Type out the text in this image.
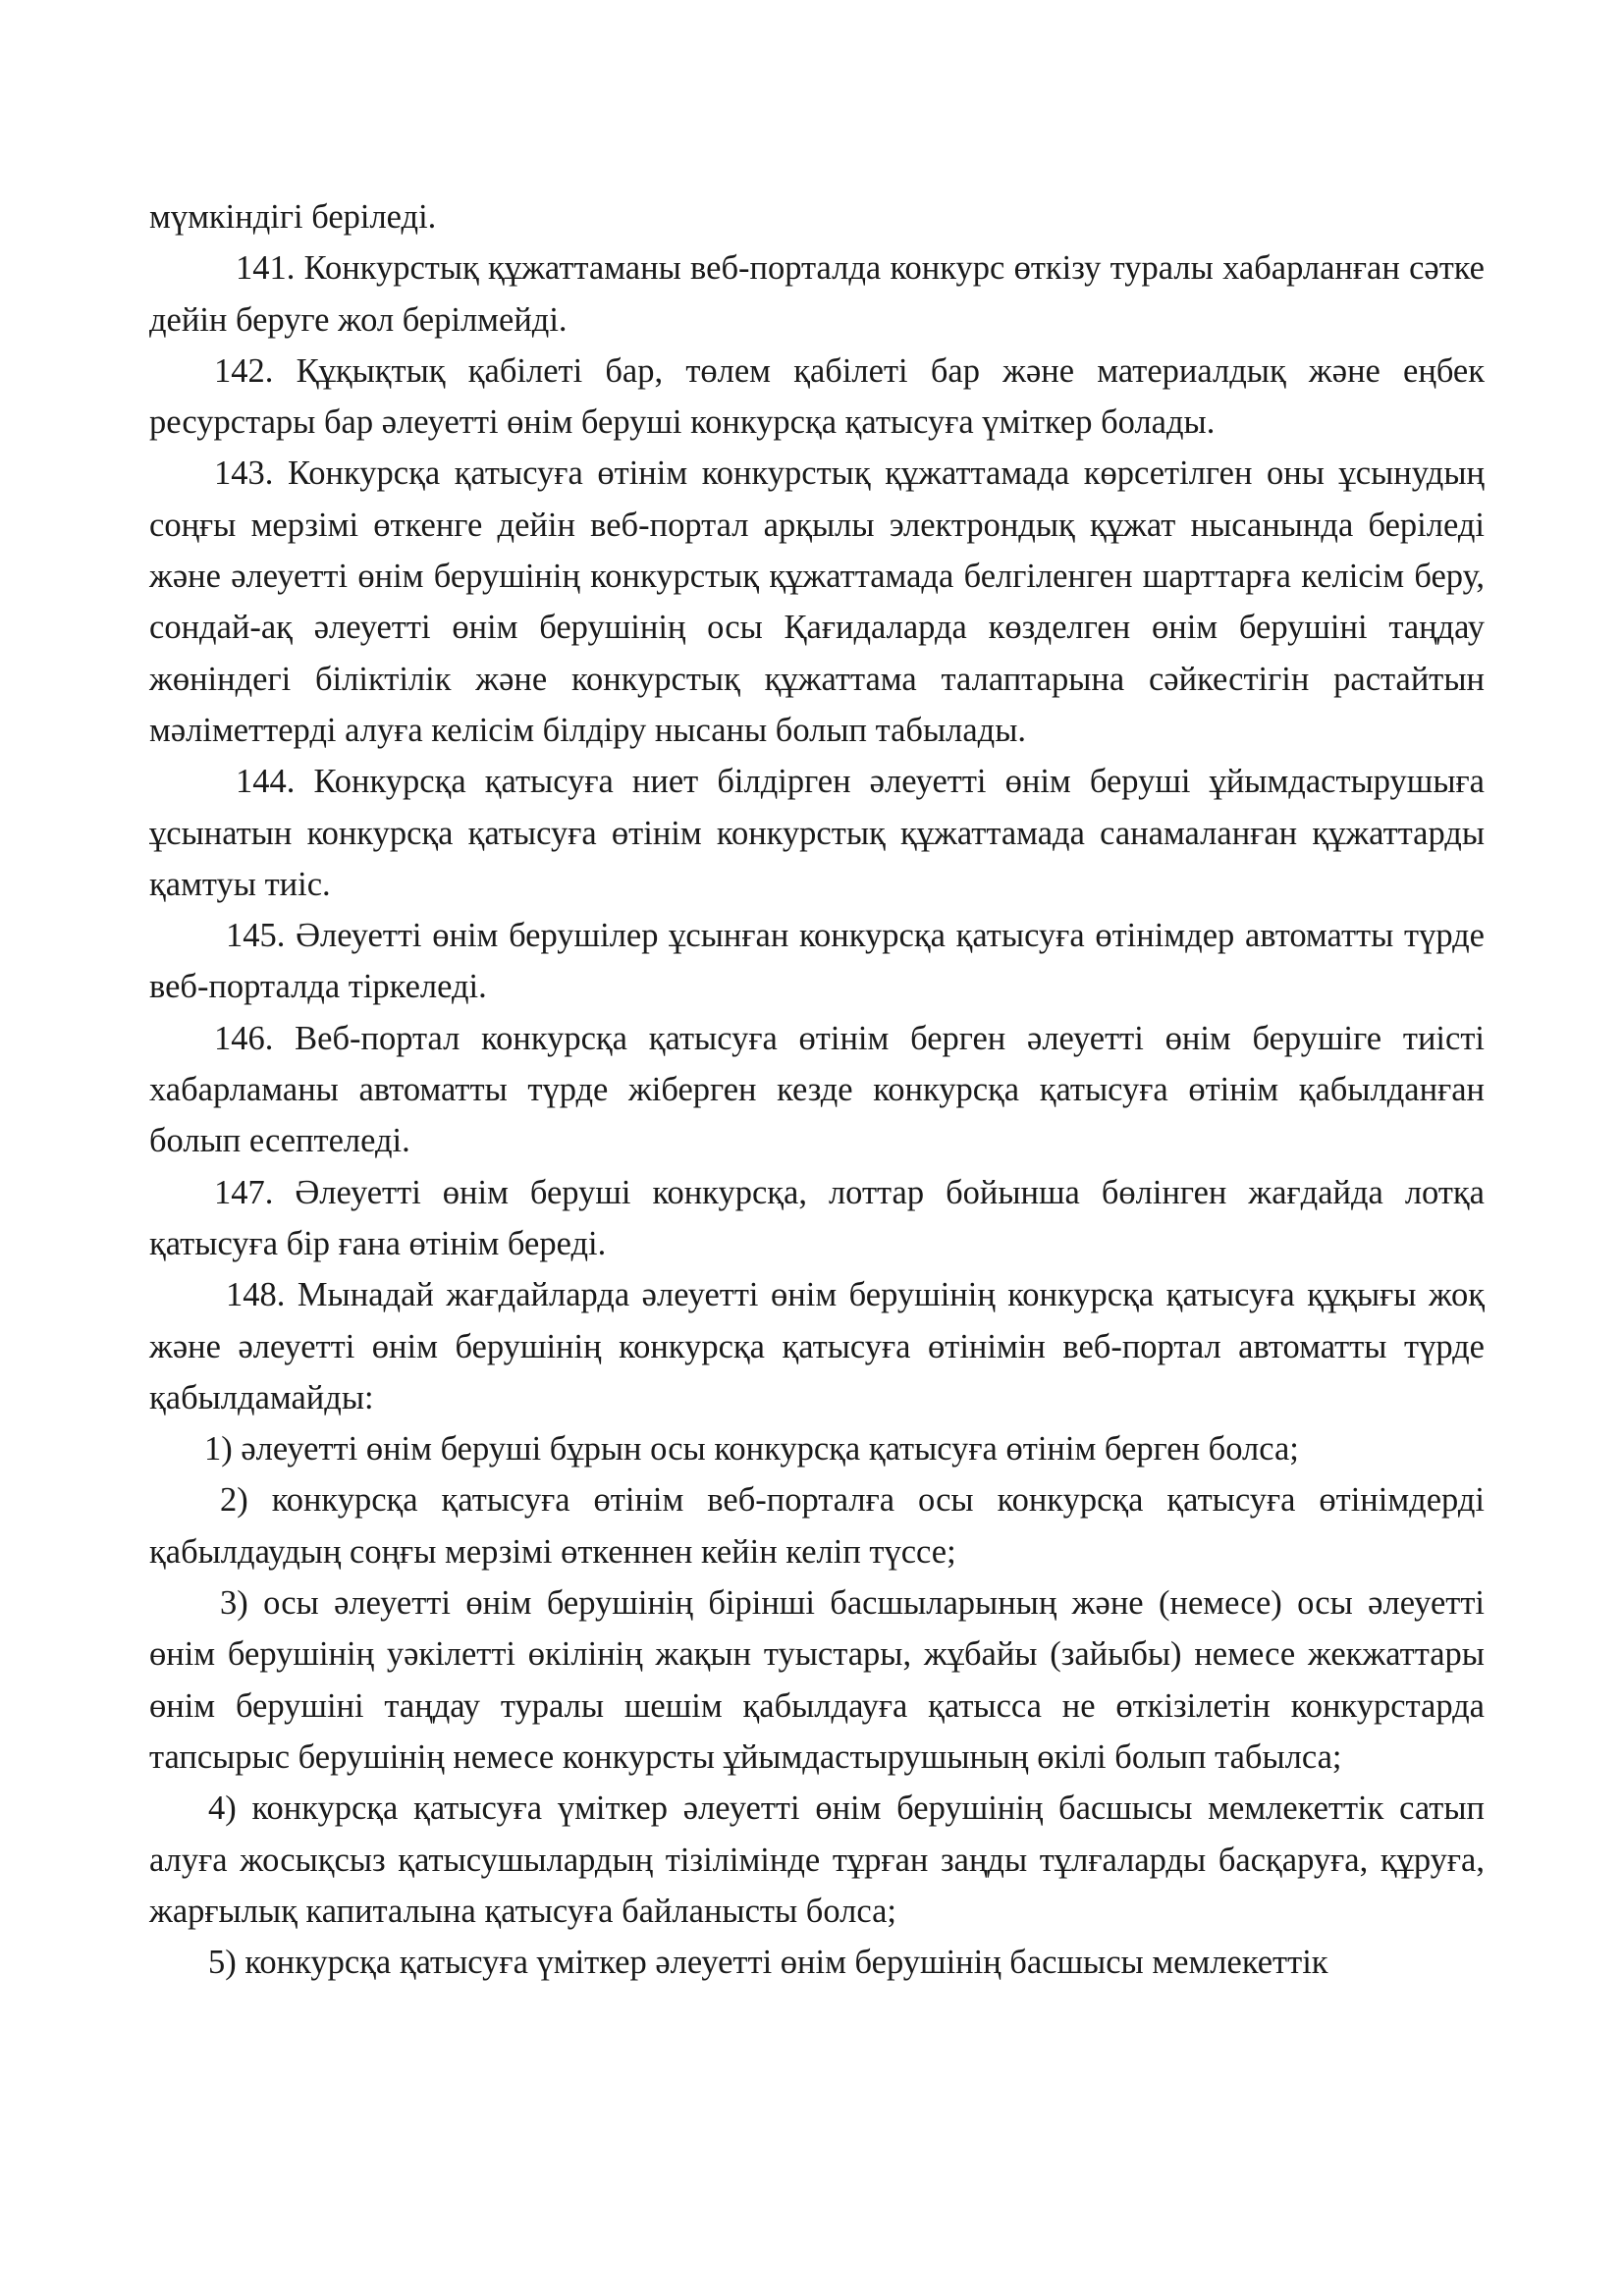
мүмкіндігі беріледі.

141. Конкурстық құжаттаманы веб-порталда конкурс өткізу туралы хабарланған сәтке дейін беруге жол берілмейді.

142. Құқықтық қабілеті бар, төлем қабілеті бар және материалдық және еңбек ресурстары бар әлеуетті өнім беруші конкурсқа қатысуға үміткер болады.

143. Конкурсқа қатысуға өтінім конкурстық құжаттамада көрсетілген оны ұсынудың соңғы мерзімі өткенге дейін веб-портал арқылы электрондық құжат нысанында беріледі және әлеуетті өнім берушінің конкурстық құжаттамада белгіленген шарттарға келісім беру, сондай-ақ әлеуетті өнім берушінің осы Қағидаларда көзделген өнім берушіні таңдау жөніндегі біліктілік және конкурстық құжаттама талаптарына сәйкестігін растайтын мәліметтерді алуға келісім білдіру нысаны болып табылады.

144. Конкурсқа қатысуға ниет білдірген әлеуетті өнім беруші ұйымдастырушыға ұсынатын конкурсқа қатысуға өтінім конкурстық құжаттамада санамаланған құжаттарды қамтуы тиіс.

145. Әлеуетті өнім берушілер ұсынған конкурсқа қатысуға өтінімдер автоматты түрде веб-порталда тіркеледі.

146. Веб-портал конкурсқа қатысуға өтінім берген әлеуетті өнім берушіге тиісті хабарламаны автоматты түрде жіберген кезде конкурсқа қатысуға өтінім қабылданған болып есептеледі.

147. Әлеуетті өнім беруші конкурсқа, лоттар бойынша бөлінген жағдайда лотқа қатысуға бір ғана өтінім береді.

148. Мынадай жағдайларда әлеуетті өнім берушінің конкурсқа қатысуға құқығы жоқ және әлеуетті өнім берушінің конкурсқа қатысуға өтінімін веб-портал автоматты түрде қабылдамайды:

1) әлеуетті өнім беруші бұрын осы конкурсқа қатысуға өтінім берген болса;

2) конкурсқа қатысуға өтінім веб-порталға осы конкурсқа қатысуға өтінімдерді қабылдаудың соңғы мерзімі өткеннен кейін келіп түссе;

3) осы әлеуетті өнім берушінің бірінші басшыларының және (немесе) осы әлеуетті өнім берушінің уәкілетті өкілінің жақын туыстары, жұбайы (зайыбы) немесе жекжаттары өнім берушіні таңдау туралы шешім қабылдауға қатысса не өткізілетін конкурстарда тапсырыс берушінің немесе конкурсты ұйымдастырушының өкілі болып табылса;

4) конкурсқа қатысуға үміткер әлеуетті өнім берушінің басшысы мемлекеттік сатып алуға жосықсыз қатысушылардың тізілімінде тұрған заңды тұлғаларды басқаруға, құруға, жарғылық капиталына қатысуға байланысты болса;

5) конкурсқа қатысуға үміткер әлеуетті өнім берушінің басшысы мемлекеттік
